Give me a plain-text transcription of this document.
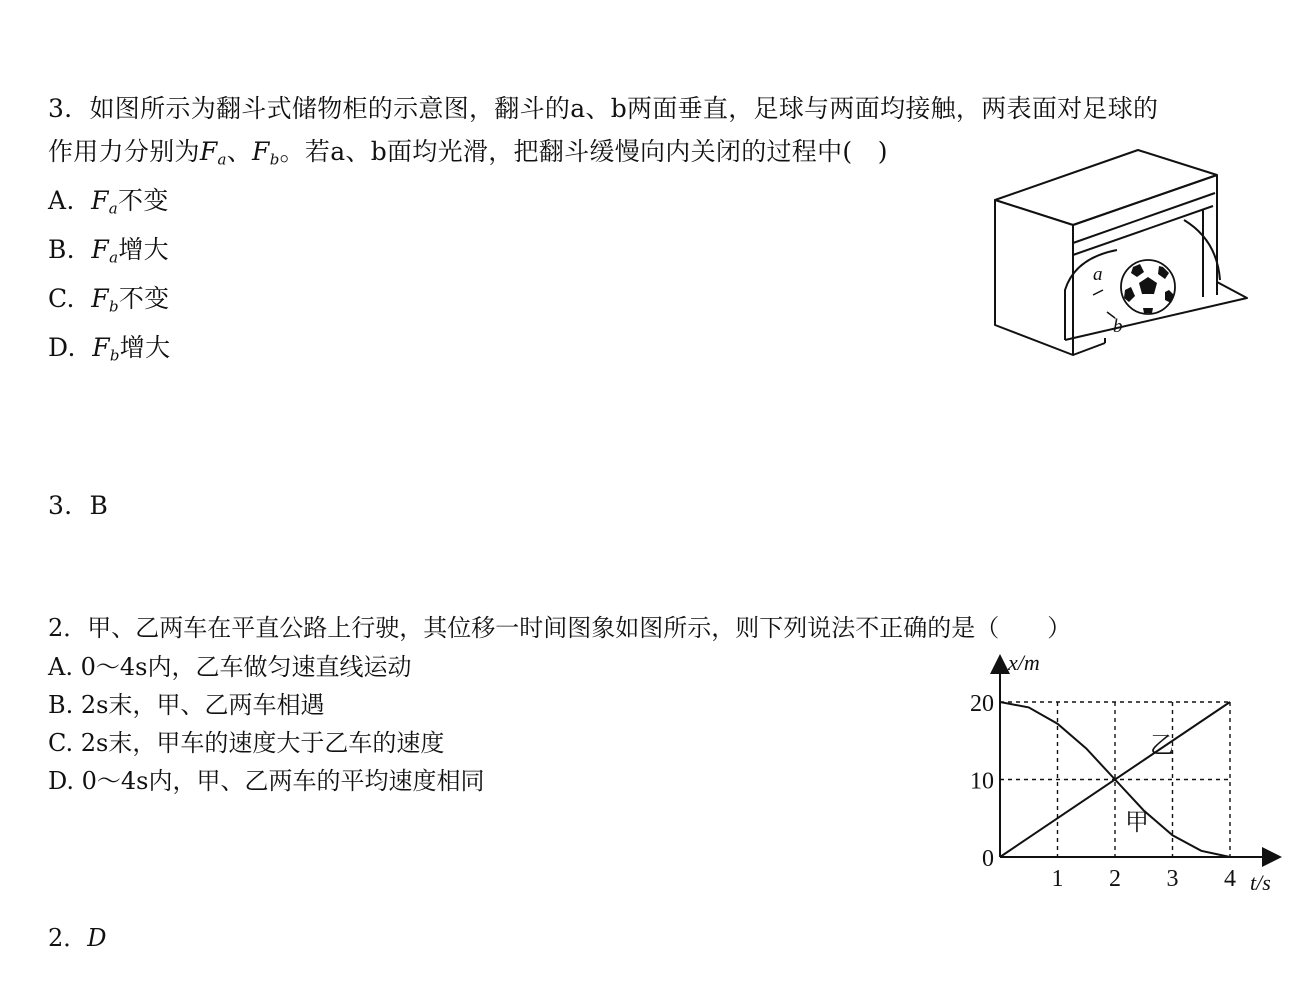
3．如图所示为翻斗式储物柜的示意图，翻斗的a、b两面垂直，足球与两面均接触，两表面对足球的
作用力分别为$F_a$、$F_b$。若a、b面均光滑，把翻斗缓慢向内关闭的过程中(　)
A. $F_a$不变
B. $F_a$增大
C. $F_b$不变
D. $F_b$增大
a
b
3．B
2．甲、乙两车在平直公路上行驶，其位移一时间图象如图所示，则下列说法不正确的是（　　）
A. 0～4s内，乙车做匀速直线运动
B. 2s末，甲、乙两车相遇
C. 2s末，甲车的速度大于乙车的速度
D. 0～4s内，甲、乙两车的平均速度相同
1 2 3 4
0
10
20
x/m
t/s
乙
甲
2．D
